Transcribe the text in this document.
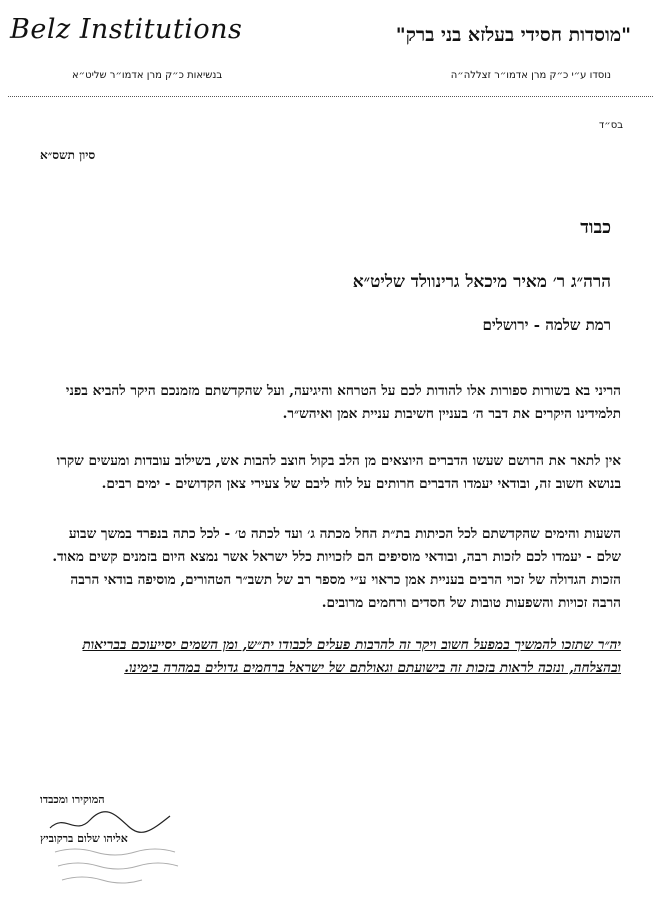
Belz Institutions	"מוסדות חסידי בעלזא בני ברק"
בנשיאות כ״ק מרן אדמו״ר שליט״א	נוסדו ע״י כ״ק מרן אדמו״ר זצללה״ה
בס״ד
סיון תשס״א
כבוד
הרה״ג ר׳ מאיר מיכאל גרינוולד שליט״א
רמת שלמה - ירושלים
הריני בא בשורות ספורות אלו להודות לכם על הטרחא והיגיעה, ועל שהקדשתם מזמנכם היקר להביא בפני תלמידינו היקרים את דבר ה׳ בעניין חשיבות עניית אמן ואיהש״ר.
אין לתאר את הרושם שעשו הדברים היוצאים מן הלב בקול חוצב להבות אש, בשילוב עובדות ומעשים שקרו בנושא חשוב זה, ובודאי יעמדו הדברים חרותים על לוח ליבם של צעירי צאן הקדושים - ימים רבים.
השעות והימים שהקדשתם לכל הכיתות בת״ת החל מכתה ג׳ ועד לכתה ט׳ - לכל כתה בנפרד במשך שבוע שלם - יעמדו לכם לזכות רבה, ובודאי מוסיפים הם לזכויות כלל ישראל אשר נמצא היום בזמנים קשים מאוד. הזכות הגדולה של זכוי הרבים בעניית אמן כראוי ע״י מספר רב של תשב״ר הטהורים, מוסיפה בודאי הרבה הרבה זכויות והשפעות טובות של חסדים ורחמים מרובים.
יה״ר שתזכו להמשיך במפעל חשוב ויקר זה להרבות פעלים לכבודו ית״ש, ומן השמים יסייעוכם בבריאות ובהצלחה, ונזכה לראות בזכות זה בישועתם וגאולתם של ישראל ברחמים גדולים במהרה בימינו.
המוקירו ומכבדו
אליהו שלום ברקוביץ
